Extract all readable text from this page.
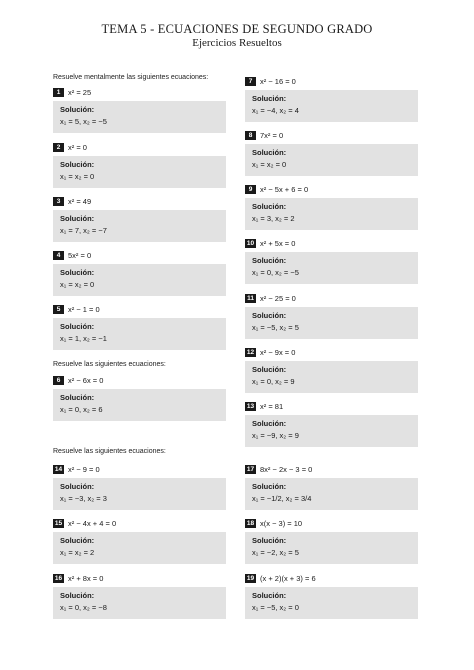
TEMA 5 - ECUACIONES DE SEGUNDO GRADO
Ejercicios Resueltos
Resuelve mentalmente las siguientes ecuaciones:
Resuelve las siguientes ecuaciones:
Resuelve las siguientes ecuaciones:
1	x² = 25
Solución:
x₁ = 5, x₂ = −5
2	x² = 0
Solución:
x₁ = x₂ = 0
3	x² = 49
Solución:
x₁ = 7, x₂ = −7
4	5x² = 0
Solución:
x₁ = x₂ = 0
5	x² − 1 = 0
Solución:
x₁ = 1, x₂ = −1
6	x² − 6x = 0
Solución:
x₁ = 0, x₂ = 6
14 x² − 9 = 0
Solución:
x₁ = −3, x₂ = 3
15 x² − 4x + 4 = 0
Solución:
x₁ = x₂ = 2
16 x² + 8x = 0
Solución:
x₁ = 0, x₂ = −8
7	x² − 16 = 0
Solución:
x₁ = −4, x₂ = 4
8	7x² = 0
Solución:
x₁ = x₂ = 0
9	x² − 5x + 6 = 0
Solución:
x₁ = 3, x₂ = 2
10 x² + 5x = 0
Solución:
x₁ = 0, x₂ = −5
11 x² − 25 = 0
Solución:
x₁ = −5, x₂ = 5
12 x² − 9x = 0
Solución:
x₁ = 0, x₂ = 9
13 x² = 81
Solución:
x₁ = −9, x₂ = 9
17 8x² − 2x − 3 = 0
Solución:
x₁ = −1/2, x₂ = 3/4
18 x(x − 3) = 10
Solución:
x₁ = −2, x₂ = 5
19 (x + 2)(x + 3) = 6
Solución:
x₁ = −5, x₂ = 0
